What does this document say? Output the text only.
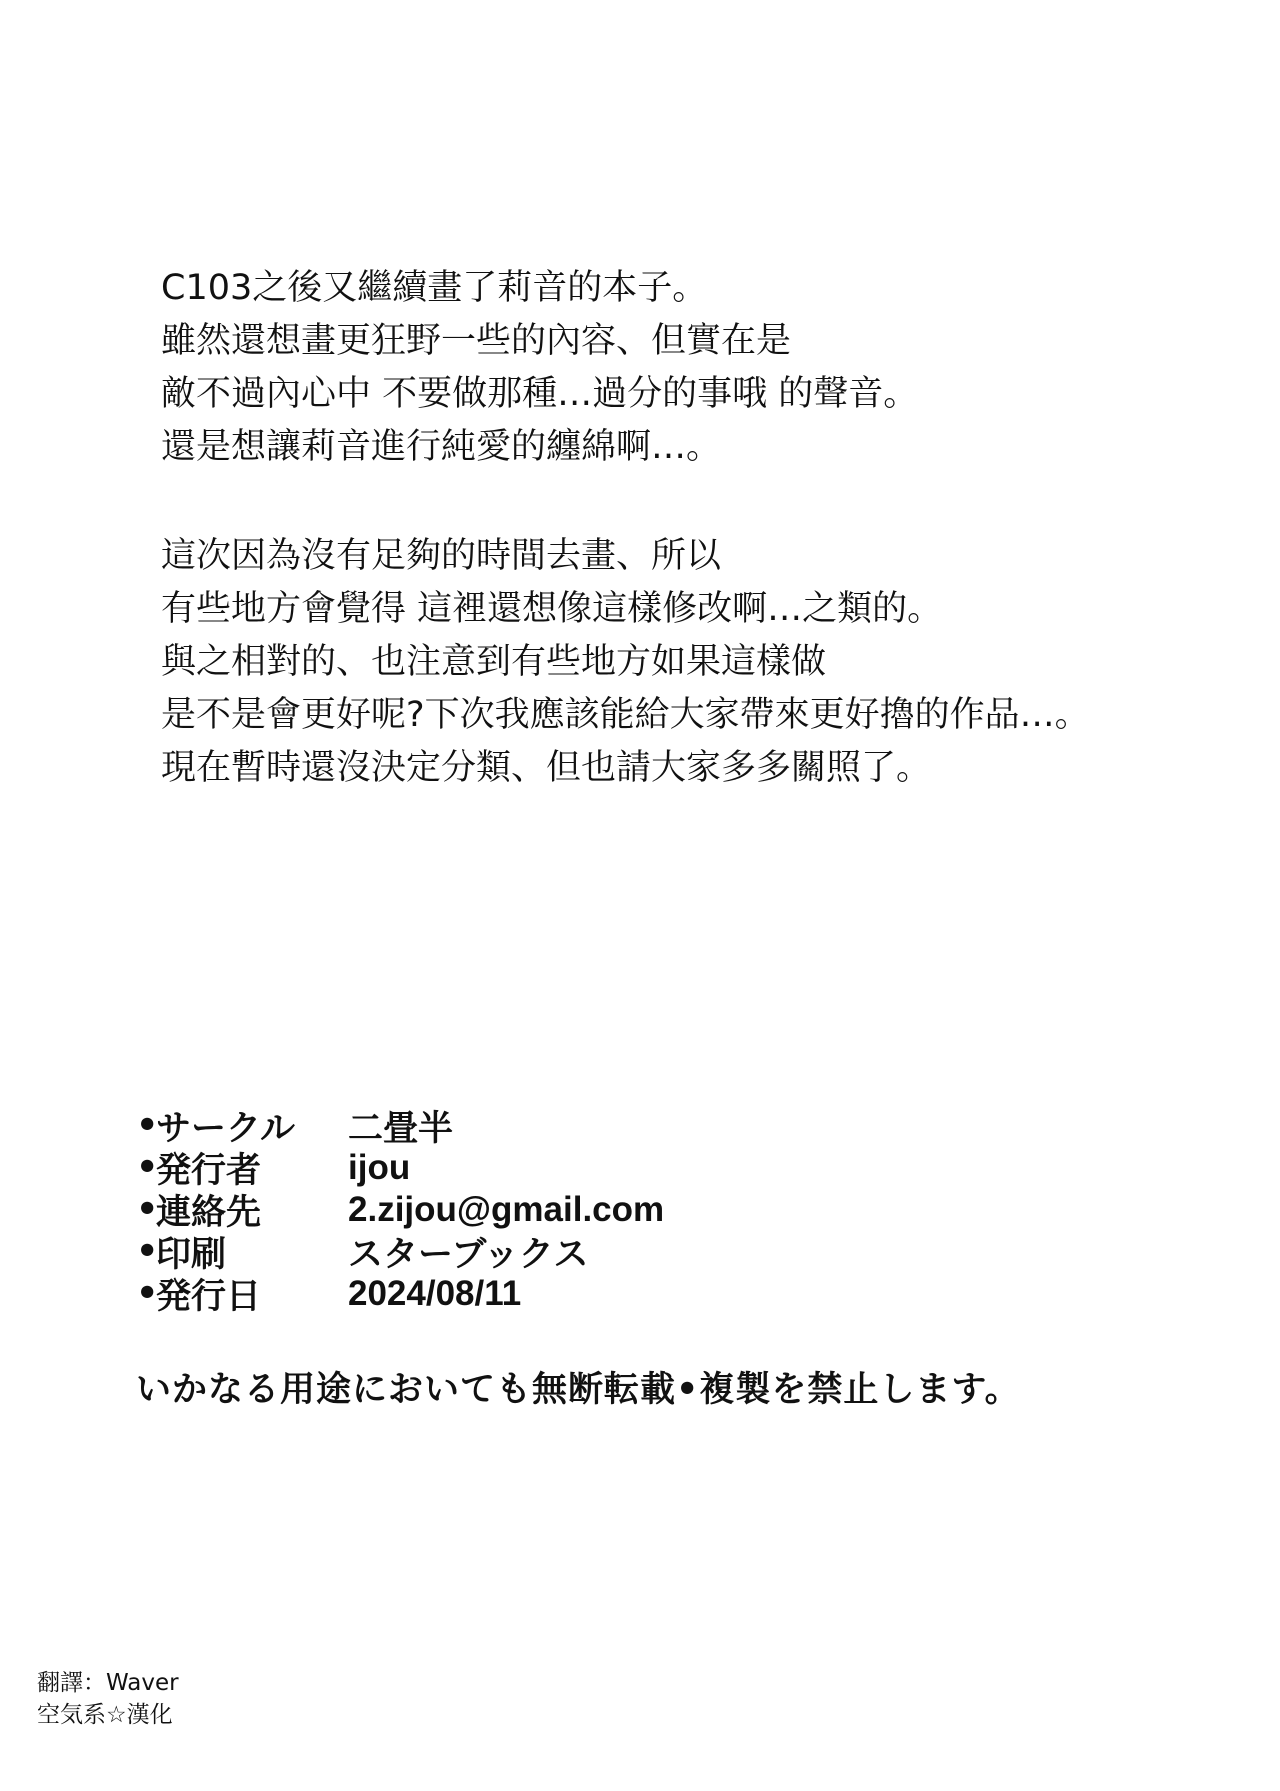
C103之後又繼續畫了莉音的本子。
雖然還想畫更狂野一些的內容、但實在是
敵不過內心中 不要做那種…過分的事哦 的聲音。
還是想讓莉音進行純愛的纏綿啊…。

這次因為沒有足夠的時間去畫、所以
有些地方會覺得 這裡還想像這樣修改啊…之類的。
與之相對的、也注意到有些地方如果這樣做
是不是會更好呢?下次我應該能給大家帶來更好擼的作品…。
現在暫時還沒決定分類、但也請大家多多關照了。

•
サークル	二畳半
•
発行者	ijou
•
連絡先	2.zijou@gmail.com
•
印刷	スターブックス
•
発行日	2024/08/11
いかなる用途においても無断転載•複製を禁止します。
翻譯：Waver
空気系☆漢化
